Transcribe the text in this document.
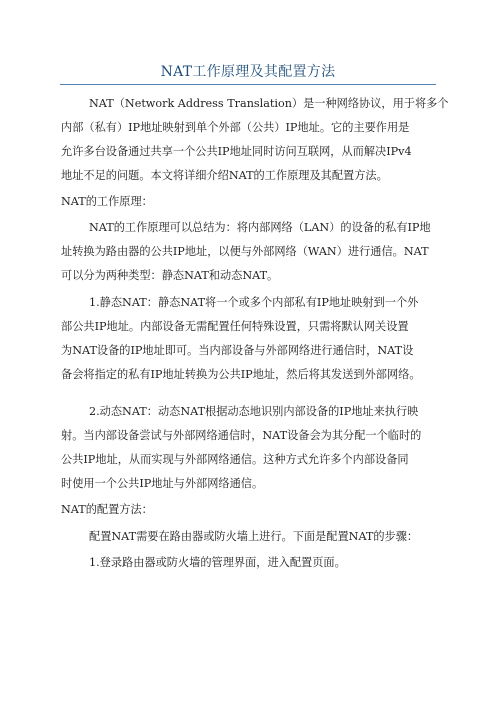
NAT工作原理及其配置方法
NAT（Network Address Translation）是一种网络协议，用于将多个
内部（私有）IP地址映射到单个外部（公共）IP地址。它的主要作用是
允许多台设备通过共享一个公共IP地址同时访问互联网，从而解决IPv4
地址不足的问题。本文将详细介绍NAT的工作原理及其配置方法。
NAT的工作原理：
NAT的工作原理可以总结为：将内部网络（LAN）的设备的私有IP地
址转换为路由器的公共IP地址，以便与外部网络（WAN）进行通信。NAT
可以分为两种类型：静态NAT和动态NAT。
1.静态NAT：静态NAT将一个或多个内部私有IP地址映射到一个外
部公共IP地址。内部设备无需配置任何特殊设置，只需将默认网关设置
为NAT设备的IP地址即可。当内部设备与外部网络进行通信时，NAT设
备会将指定的私有IP地址转换为公共IP地址，然后将其发送到外部网络。
2.动态NAT：动态NAT根据动态地识别内部设备的IP地址来执行映
射。当内部设备尝试与外部网络通信时，NAT设备会为其分配一个临时的
公共IP地址，从而实现与外部网络通信。这种方式允许多个内部设备同
时使用一个公共IP地址与外部网络通信。
NAT的配置方法：
配置NAT需要在路由器或防火墙上进行。下面是配置NAT的步骤：
1.登录路由器或防火墙的管理界面，进入配置页面。
